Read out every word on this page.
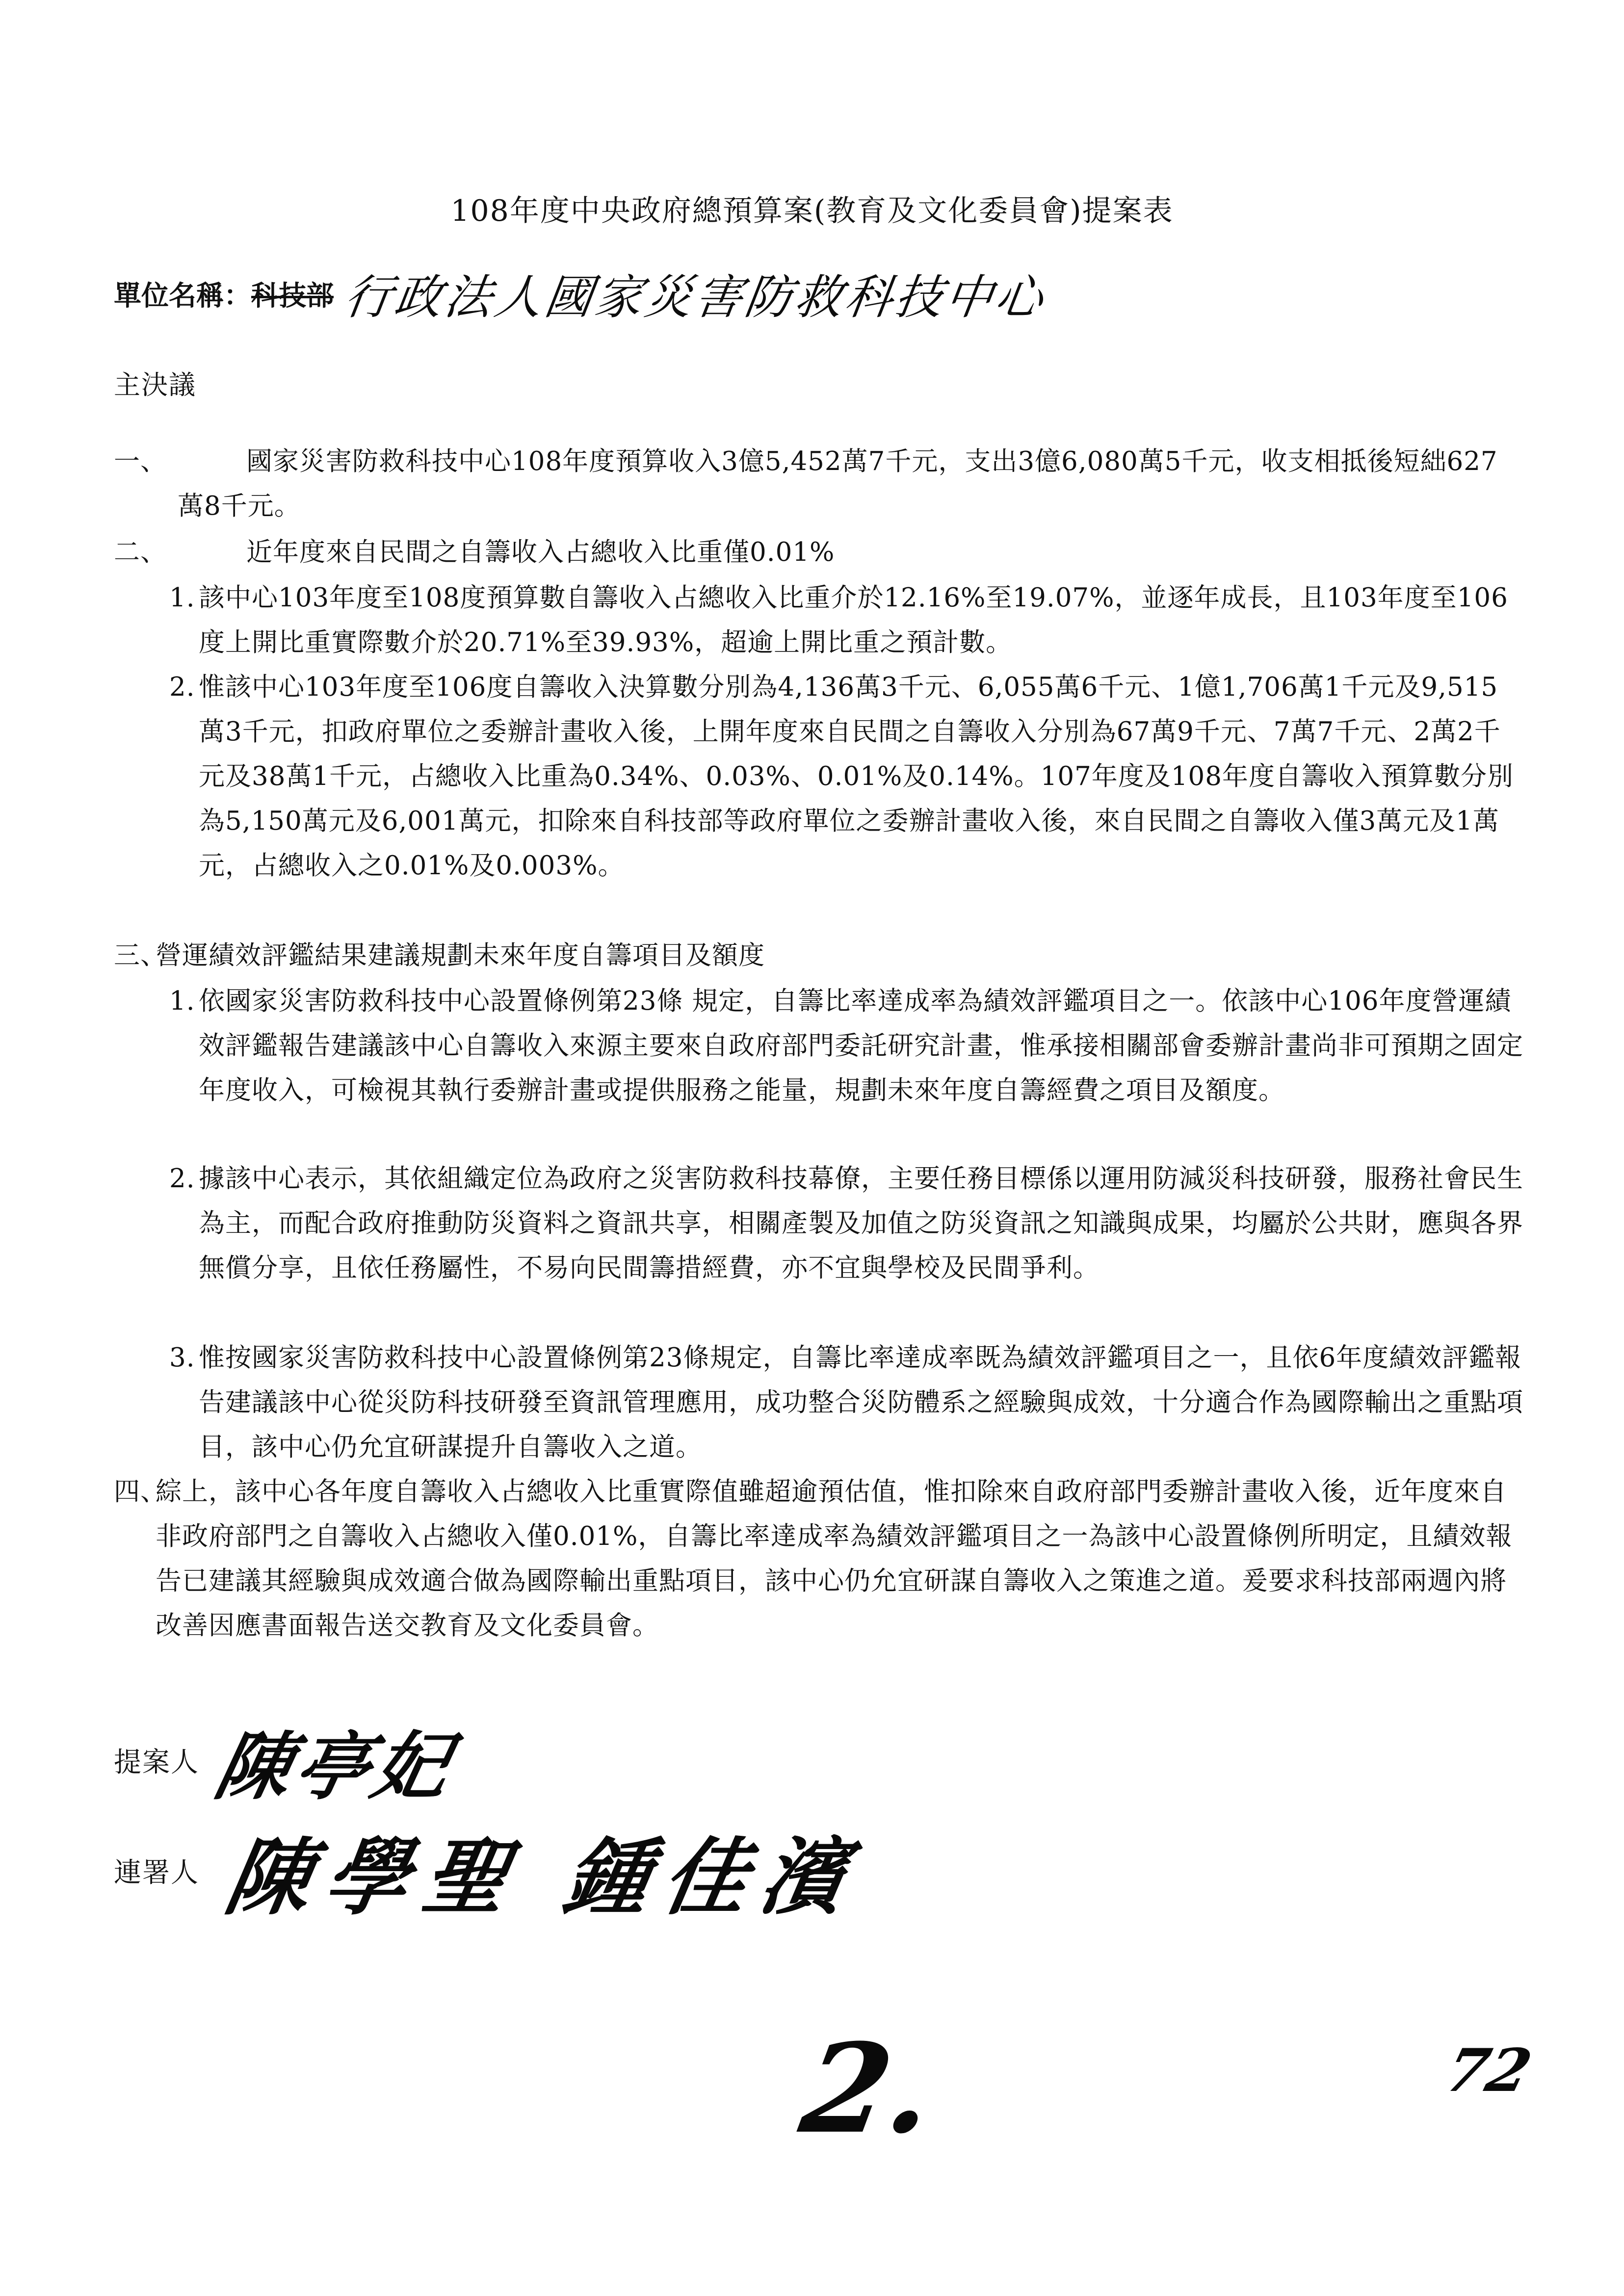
108年度中央政府總預算案(教育及文化委員會)提案表
單位名稱： 科技部 行政法人國家災害防救科技中心
主決議
一、	國家災害防救科技中心108年度預算收入3億5,452萬7千元，支出3億6,080萬5千元，收支相抵後短絀627萬8千元。
二、	近年度來自民間之自籌收入占總收入比重僅0.01%
1. 該中心103年度至108度預算數自籌收入占總收入比重介於12.16%至19.07%，並逐年成長，且103年度至106度上開比重實際數介於20.71%至39.93%，超逾上開比重之預計數。
2. 惟該中心103年度至106度自籌收入決算數分別為4,136萬3千元、6,055萬6千元、1億1,706萬1千元及9,515萬3千元，扣政府單位之委辦計畫收入後，上開年度來自民間之自籌收入分別為67萬9千元、7萬7千元、2萬2千元及38萬1千元，占總收入比重為0.34%、0.03%、0.01%及0.14%。107年度及108年度自籌收入預算數分別為5,150萬元及6,001萬元，扣除來自科技部等政府單位之委辦計畫收入後，來自民間之自籌收入僅3萬元及1萬元，占總收入之0.01%及0.003%。
三、
營運績效評鑑結果建議規劃未來年度自籌項目及額度
1. 依國家災害防救科技中心設置條例第23條 規定，自籌比率達成率為績效評鑑項目之一。依該中心106年度營運績效評鑑報告建議該中心自籌收入來源主要來自政府部門委託研究計畫，惟承接相關部會委辦計畫尚非可預期之固定年度收入，可檢視其執行委辦計畫或提供服務之能量，規劃未來年度自籌經費之項目及額度。
2. 據該中心表示，其依組織定位為政府之災害防救科技幕僚，主要任務目標係以運用防減災科技研發，服務社會民生為主，而配合政府推動防災資料之資訊共享，相關產製及加值之防災資訊之知識與成果，均屬於公共財，應與各界無償分享，且依任務屬性，不易向民間籌措經費，亦不宜與學校及民間爭利。
3. 惟按國家災害防救科技中心設置條例第23條規定，自籌比率達成率既為績效評鑑項目之一，且依6年度績效評鑑報告建議該中心從災防科技研發至資訊管理應用，成功整合災防體系之經驗與成效，十分適合作為國際輸出之重點項目，該中心仍允宜研謀提升自籌收入之道。
四、
綜上，該中心各年度自籌收入占總收入比重實際值雖超逾預估值，惟扣除來自政府部門委辦計畫收入後，近年度來自非政府部門之自籌收入占總收入僅0.01%，自籌比率達成率為績效評鑑項目之一為該中心設置條例所明定，且績效報告已建議其經驗與成效適合做為國際輸出重點項目，該中心仍允宜研謀自籌收入之策進之道。爰要求科技部兩週內將改善因應書面報告送交教育及文化委員會。
提案人 陳亭妃
連署人 陳學聖 鍾佳濱
2.	72
